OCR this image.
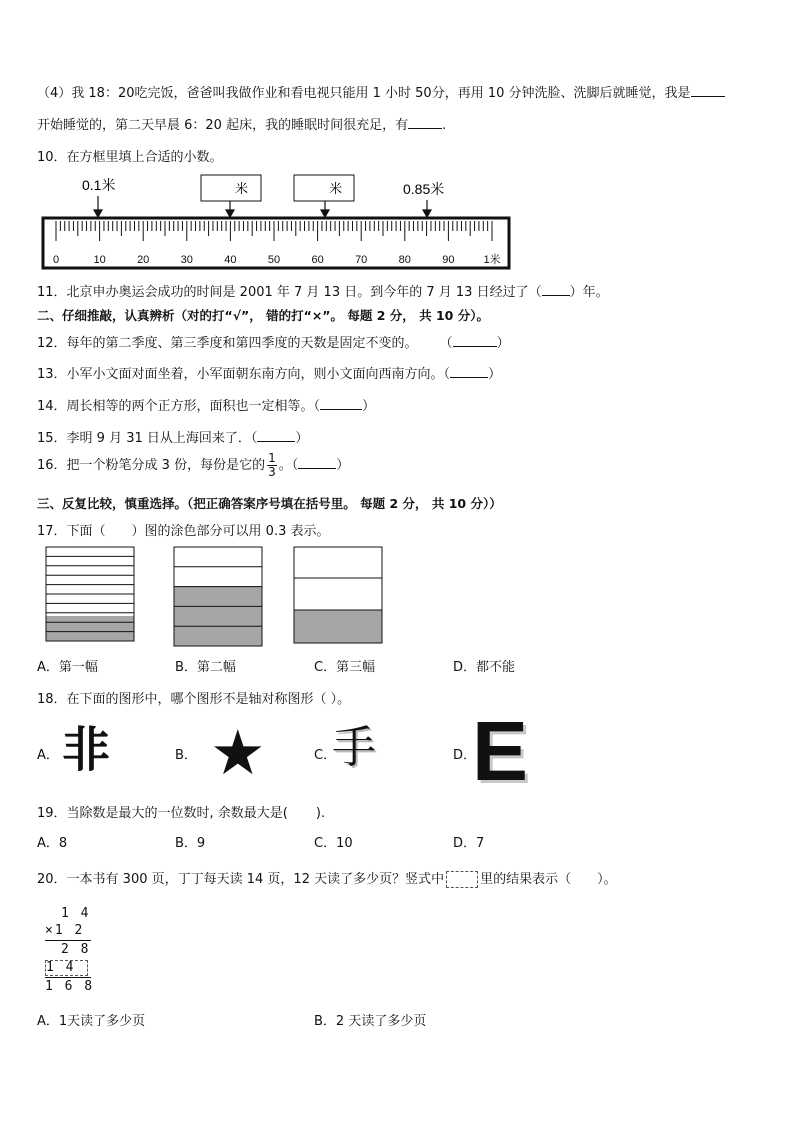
（4）我 18：20吃完饭，爸爸叫我做作业和看电视只能用 1 小时 50分，再用 10 分钟洗脸、洗脚后就睡觉，我是
开始睡觉的，第二天早晨 6：20 起床，我的睡眠时间很充足，有	.
10．在方框里填上合适的小数。
0.1米	0.85米
米	米
0	10	20	30	40	50	60	70	80	90	1米
11．北京申办奥运会成功的时间是 2001 年 7 月 13 日。到今年的 7 月 13 日经过了（ ）年。
二、仔细推敲，认真辨析（对的打“√”， 错的打“×”。 每题 2 分， 共 10 分）。
12．每年的第二季度、第三季度和第四季度的天数是固定不变的。 （	）
13．小军小文面对面坐着，小军面朝东南方向，则小文面向西南方向。（	）
14．周长相等的两个正方形，面积也一定相等。（	）
15．李明 9 月 31 日从上海回来了．（	）
16．把一个粉笔分成 3 份，每份是它的 $\frac{1}{3}$ 。（	）
三、反复比较，慎重选择。（把正确答案序号填在括号里。 每题 2 分， 共 10 分））
17．下面（ ）图的涂色部分可以用 0.3 表示。
A．第一幅	B．第二幅	C．第三幅	D．都不能
18．在下面的图形中，哪个图形不是轴对称图形（ ）。
A． 非	B． ★	C．
手	D．
E
19．当除数是最大的一位数时, 余数最大是( ).
A．8	B．9	C．10	D．7
20．一本书有 300 页，丁丁每天读 14 页，12 天读了多少页？竖式中	里的结果表示（ ）。
1 4
×1 2
2 8
1 4
1 6 8
A．1天读了多少页	B．2 天读了多少页
